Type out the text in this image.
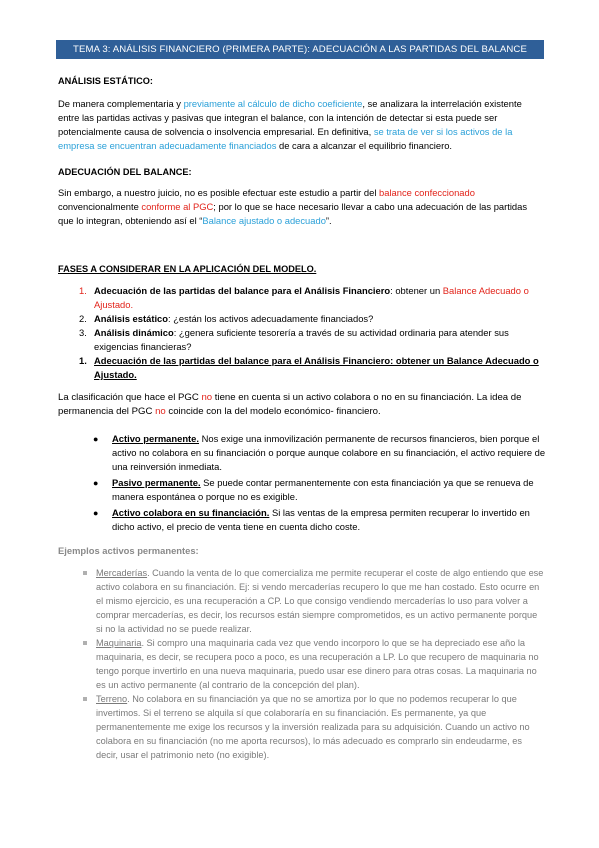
TEMA 3: ANÁLISIS FINANCIERO (PRIMERA PARTE): ADECUACIÓN A LAS PARTIDAS DEL BALANCE
ANÁLISIS ESTÁTICO:
De manera complementaria y previamente al cálculo de dicho coeficiente, se analizara la interrelación existente entre las partidas activas y pasivas que integran el balance, con la intención de detectar si esta puede ser potencialmente causa de solvencia o insolvencia empresarial. En definitiva, se trata de ver si los activos de la empresa se encuentran adecuadamente financiados de cara a alcanzar el equilibrio financiero.
ADECUACIÓN DEL BALANCE:
Sin embargo, a nuestro juicio, no es posible efectuar este estudio a partir del balance confeccionado convencionalmente conforme al PGC; por lo que se hace necesario llevar a cabo una adecuación de las partidas que lo integran, obteniendo así el “Balance ajustado o adecuado”.
FASES A CONSIDERAR EN LA APLICACIÓN DEL MODELO.
1. Adecuación de las partidas del balance para el Análisis Financiero: obtener un Balance Adecuado o Ajustado.
2. Análisis estático: ¿están los activos adecuadamente financiados?
3. Análisis dinámico: ¿genera suficiente tesorería a través de su actividad ordinaria para atender sus exigencias financieras?
1. Adecuación de las partidas del balance para el Análisis Financiero: obtener un Balance Adecuado o Ajustado.
La clasificación que hace el PGC no tiene en cuenta si un activo colabora o no en su financiación. La idea de permanencia del PGC no coincide con la del modelo económico- financiero.
● Activo permanente. Nos exige una inmovilización permanente de recursos financieros, bien porque el activo no colabora en su financiación o porque aunque colabore en su financiación, el activo requiere de una reinversión inmediata.
● Pasivo permanente. Se puede contar permanentemente con esta financiación ya que se renueva de manera espontánea o porque no es exigible.
● Activo colabora en su financiación. Si las ventas de la empresa permiten recuperar lo invertido en dicho activo, el precio de venta tiene en cuenta dicho coste.
Ejemplos activos permanentes:
Mercaderías. Cuando la venta de lo que comercializa me permite recuperar el coste de algo entiendo que ese activo colabora en su financiación. Ej: si vendo mercaderías recupero lo que me han costado. Esto ocurre en el mismo ejercicio, es una recuperación a CP. Lo que consigo vendiendo mercaderías lo uso para volver a comprar mercaderías, es decir, los recursos están siempre comprometidos, es un activo permanente porque si no la actividad no se puede realizar.
Maquinaria. Si compro una maquinaria cada vez que vendo incorporo lo que se ha depreciado ese año la maquinaria, es decir, se recupera poco a poco, es una recuperación a LP. Lo que recupero de maquinaria no tengo porque invertirlo en una nueva maquinaria, puedo usar ese dinero para otras cosas. La maquinaria no es un activo permanente (al contrario de la concepción del plan).
Terreno. No colabora en su financiación ya que no se amortiza por lo que no podemos recuperar lo que invertimos. Si el terreno se alquila sí que colaboraría en su financiación. Es permanente, ya que permanentemente me exige los recursos y la inversión realizada para su adquisición. Cuando un activo no colabora en su financiación (no me aporta recursos), lo más adecuado es comprarlo sin endeudarme, es decir, usar el patrimonio neto (no exigible).
